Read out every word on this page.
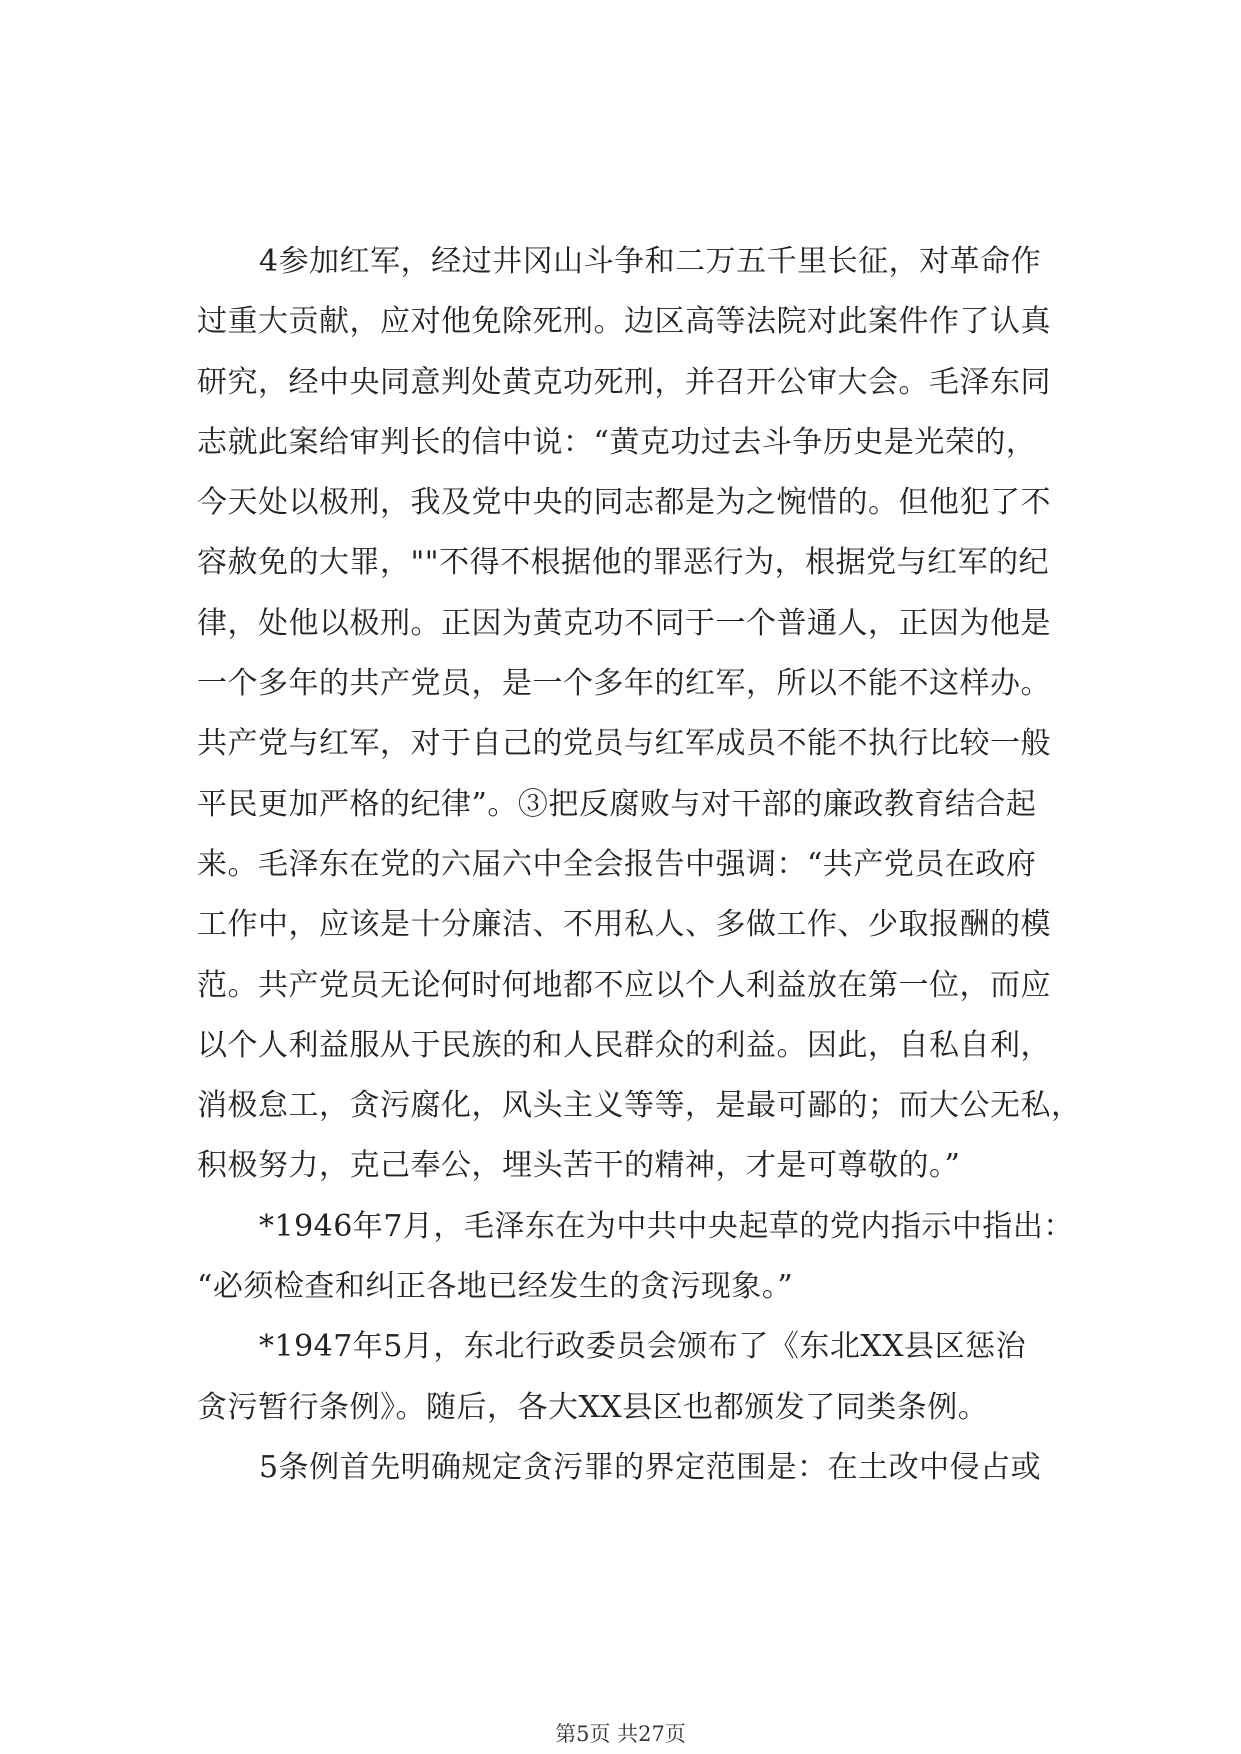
4参加红军，经过井冈山斗争和二万五千里长征，对革命作
过重大贡献，应对他免除死刑。边区高等法院对此案件作了认真
研究，经中央同意判处黄克功死刑，并召开公审大会。毛泽东同
志就此案给审判长的信中说：“黄克功过去斗争历史是光荣的，
今天处以极刑，我及党中央的同志都是为之惋惜的。但他犯了不
容赦免的大罪，""不得不根据他的罪恶行为，根据党与红军的纪
律，处他以极刑。正因为黄克功不同于一个普通人，正因为他是
一个多年的共产党员，是一个多年的红军，所以不能不这样办。
共产党与红军，对于自己的党员与红军成员不能不执行比较一般
平民更加严格的纪律”。③把反腐败与对干部的廉政教育结合起
来。毛泽东在党的六届六中全会报告中强调：“共产党员在政府
工作中，应该是十分廉洁、不用私人、多做工作、少取报酬的模
范。共产党员无论何时何地都不应以个人利益放在第一位，而应
以个人利益服从于民族的和人民群众的利益。因此，自私自利，
消极怠工，贪污腐化，风头主义等等，是最可鄙的；而大公无私，
积极努力，克己奉公，埋头苦干的精神，才是可尊敬的。”
*1946年7月，毛泽东在为中共中央起草的党内指示中指出：
“必须检查和纠正各地已经发生的贪污现象。”
*1947年5月，东北行政委员会颁布了《东北XX县区惩治
贪污暂行条例》。随后，各大XX县区也都颁发了同类条例。
5条例首先明确规定贪污罪的界定范围是：在土改中侵占或
第5页 共27页
